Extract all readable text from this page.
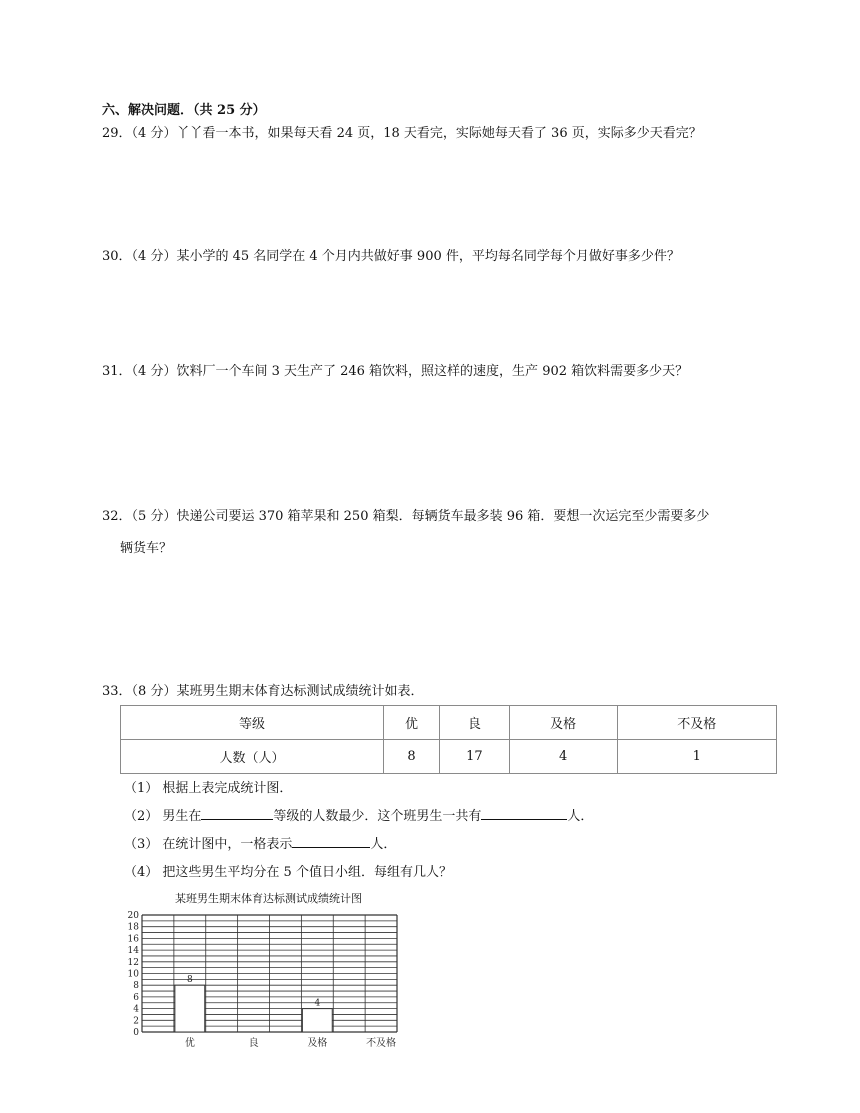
六、解决问题．（共 25 分）
29．（4 分）丫丫看一本书，如果每天看 24 页，18 天看完，实际她每天看了 36 页，实际多少天看完？
30．（4 分）某小学的 45 名同学在 4 个月内共做好事 900 件，平均每名同学每个月做好事多少件？
31．（4 分）饮料厂一个车间 3 天生产了 246 箱饮料，照这样的速度，生产 902 箱饮料需要多少天？
32．（5 分）快递公司要运 370 箱苹果和 250 箱梨．每辆货车最多装 96 箱．要想一次运完至少需要多少
辆货车？
33．（8 分）某班男生期末体育达标测试成绩统计如表．
等级	优	良	及格	不及格
人数（人）	8	17	4	1
（1） 根据上表完成统计图．
（2） 男生在	等级的人数最少．这个班男生一共有	人．
（3） 在统计图中，一格表示	人．
（4） 把这些男生平均分在 5 个值日小组．每组有几人？
某班男生期末体育达标测试成绩统计图
0
2
4
6
8
10
12
14
16
18
20
8
优	良
4
及格	不及格
